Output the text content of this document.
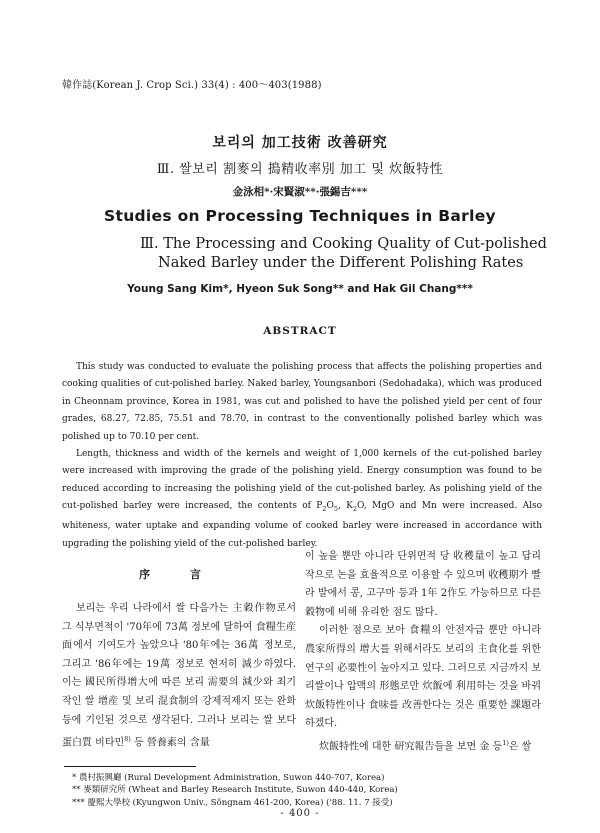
韓作誌(Korean J. Crop Sci.) 33(4) : 400～403(1988)
보리의 加工技術 改善研究
Ⅲ. 쌀보리 割麥의 搗精收率別 加工 및 炊飯特性
金泳相*·宋賢淑**·張錫吉***
Studies on Processing Techniques in Barley
Ⅲ. The Processing and Cooking Quality of Cut-polished
Naked Barley under the Different Polishing Rates
Young Sang Kim*, Hyeon Suk Song** and Hak Gil Chang***
ABSTRACT

This study was conducted to evaluate the polishing process that affects the polishing properties and cooking qualities of cut-polished barley. Naked barley, Youngsanbori (Sedohadaka), which was produced in Cheonnam province, Korea in 1981, was cut and polished to have the polished yield per cent of four grades, 68.27, 72.85, 75.51 and 78.70, in contrast to the conventionally polished barley which was polished up to 70.10 per cent.

Length, thickness and width of the kernels and weight of 1,000 kernels of the cut-polished barley were increased with improving the grade of the polishing yield. Energy consumption was found to be reduced according to increasing the polishing yield of the cut-polished barley. As polishing yield of the cut-polished barley were increased, the contents of $P_2O_5$, $K_2O$, MgO and Mn were increased. Also whiteness, water uptake and expanding volume of cooked barley were increased in accordance with upgrading the polishing yield of the cut-polished barley.

序 言

보리는 우리 나라에서 쌀 다음가는 主穀作物로서 그 식부면적이 '70年에 73萬 정보에 달하여 食糧生産面에서 기여도가 높았으나 '80年에는 36萬 정보로, 그리고 '86年에는 19萬 정보로 현저히 減少하였다. 이는 國民所得增大에 따른 보리 需要의 減少와 최기작인 쌀 增産 및 보리 混食制의 강제적제지 또는 완화 등에 기인된 것으로 생각된다. 그러나 보리는 쌀 보다 蛋白質 비타민$^{8)}$ 등 營養素의 含量

이 높을 뿐만 아니라 단위면적 당 收穫量이 높고 답리작으로 논을 효율적으로 이용할 수 있으며 收穫期가 빨라 발에서 콩, 고구마 등과 1年 2作도 가능하므로 다른 穀物에 비해 유리한 점도 많다.

이러한 점으로 보아 食糧의 안전자급 뿐만 아니라 農家所得의 增大를 위해서라도 보리의 主食化를 위한 연구의 必要性이 높아지고 있다. 그러므로 지금까지 보리쌀이나 압맥의 形態로만 炊飯에 利用하는 것을 바꿔 炊飯特性이나 食味를 改善한다는 것은 重要한 課題라 하겠다.

炊飯特性에 대한 研究報告들을 보면 金 등$^{1)}$은 쌀

* 農村振興廳 (Rural Development Administration, Suwon 440-707, Korea)
** 麥類研究所 (Wheat and Barley Research Institute, Suwon 440-440, Korea)
*** 慶熙大學校 (Kyungwon Univ., Sŏngnam 461-200, Korea) ('88. 11. 7 接受)
- 400 -
